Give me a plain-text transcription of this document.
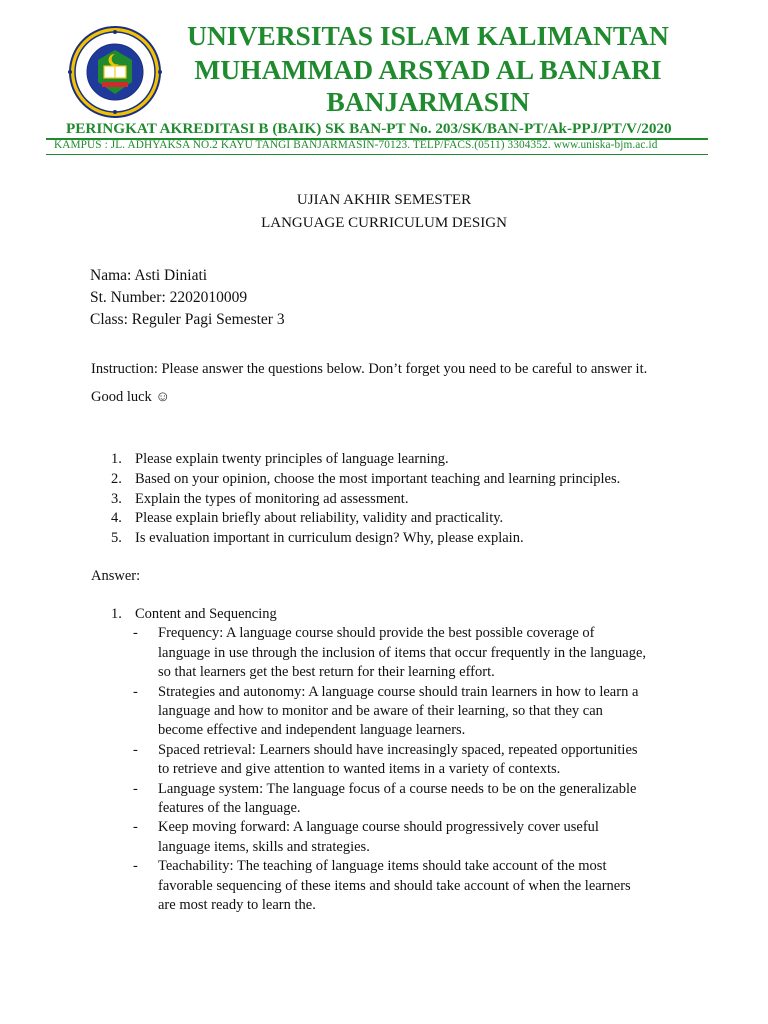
UNIVERSITAS ISLAM KALIMANTAN
MUHAMMAD ARSYAD AL BANJARI
BANJARMASIN
PERINGKAT AKREDITASI B (BAIK) SK BAN-PT No. 203/SK/BAN-PT/Ak-PPJ/PT/V/2020
KAMPUS : JL. ADHYAKSA NO.2 KAYU TANGI BANJARMASIN-70123. TELP/FACS.(0511) 3304352. www.uniska-bjm.ac.id
UJIAN AKHIR SEMESTER
LANGUAGE CURRICULUM DESIGN
Nama: Asti Diniati
St. Number: 2202010009
Class: Reguler Pagi Semester 3
Instruction: Please answer the questions below. Don’t forget you need to be careful to answer it.
Good luck ☺
1. Please explain twenty principles of language learning.
2. Based on your opinion, choose the most important teaching and learning principles.
3. Explain the types of monitoring ad assessment.
4. Please explain briefly about reliability, validity and practicality.
5. Is evaluation important in curriculum design? Why, please explain.
Answer:
1. Content and Sequencing
-	Frequency: A language course should provide the best possible coverage of
language in use through the inclusion of items that occur frequently in the language,
so that learners get the best return for their learning effort.
-	Strategies and autonomy: A language course should train learners in how to learn a
language and how to monitor and be aware of their learning, so that they can
become effective and independent language learners.
-	Spaced retrieval: Learners should have increasingly spaced, repeated opportunities
to retrieve and give attention to wanted items in a variety of contexts.
-	Language system: The language focus of a course needs to be on the generalizable
features of the language.
-	Keep moving forward: A language course should progressively cover useful
language items, skills and strategies.
-	Teachability: The teaching of language items should take account of the most
favorable sequencing of these items and should take account of when the learners
are most ready to learn the.
